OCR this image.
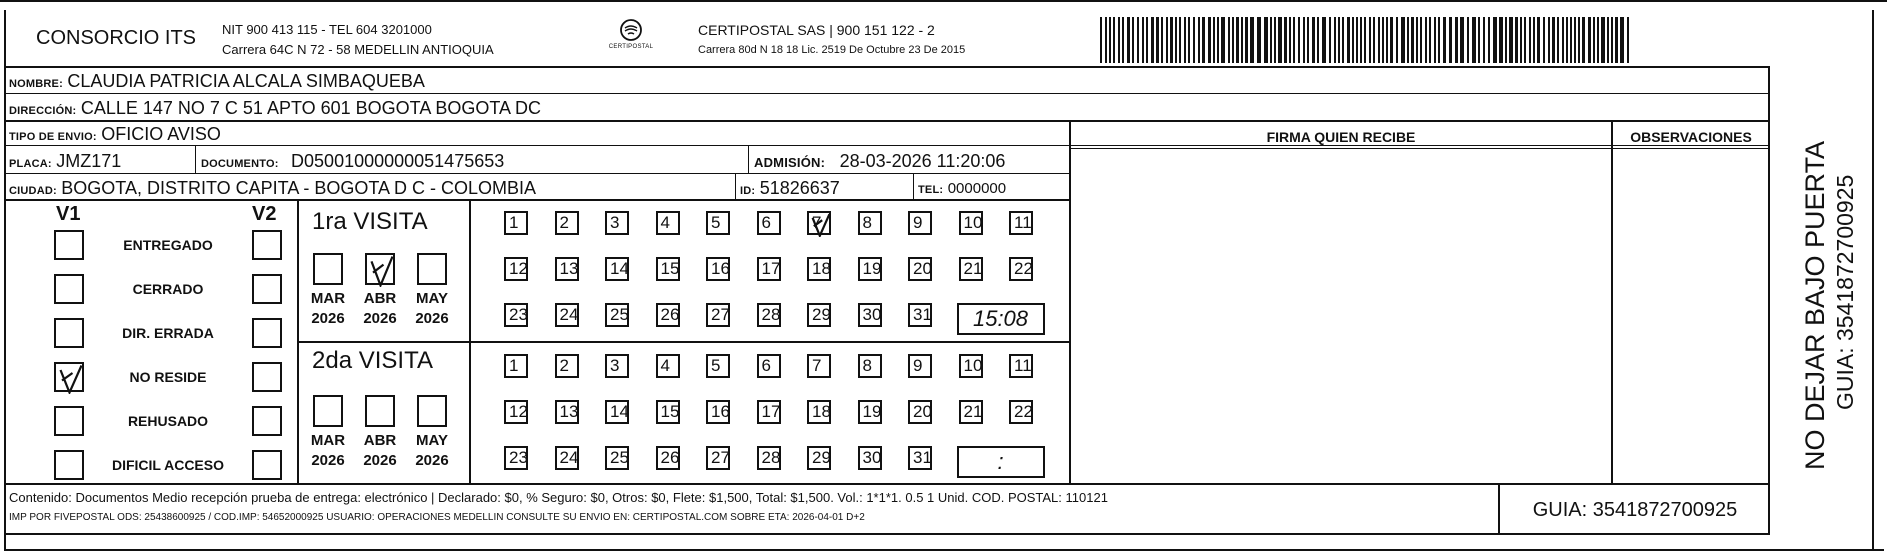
CONSORCIO ITS NIT 900 413 115 - TEL 604 3201000
Carrera 64C N 72 - 58 MEDELLIN ANTIOQUIA	CERTIPOSTAL
CERTIPOSTAL SAS | 900 151 122 - 2
Carrera 80d N 18 18 Lic. 2519 De Octubre 23 De 2015
NOMBRE: CLAUDIA PATRICIA ALCALA SIMBAQUEBA
DIRECCIÓN: CALLE 147 NO 7 C 51 APTO 601 BOGOTA BOGOTA DC
TIPO DE ENVIO: OFICIO AVISO
PLACA: JMZ171	DOCUMENTO: D05001000000051475653	ADMISIÓN: 28-03-2026 11:20:06
CIUDAD: BOGOTA, DISTRITO CAPITA - BOGOTA D C - COLOMBIA	ID: 51826637	TEL: 0000000
FIRMA QUIEN RECIBE	OBSERVACIONES
V1	V2
ENTREGADO
CERRADO
DIR. ERRADA
NO RESIDE
REHUSADO
DIFICIL ACCESO
1ra VISITA
MAR
2026
ABR
2026
MAY
2026
1 2 3 4 5 6 7 8 9 10 11
12 13 14 15 16 17 18 19 20 21 22
23 24 25 26 27 28 29 30 31 15:08
2da VISITA
MAR
2026
ABR
2026
MAY
2026
1 2 3 4 5 6 7 8 9 10 11
12 13 14 15 16 17 18 19 20 21 22
23 24 25 26 27 28 29 30 31	:
Contenido: Documentos Medio recepción prueba de entrega: electrónico | Declarado: $0, % Seguro: $0, Otros: $0, Flete: $1,500, Total: $1,500. Vol.: 1*1*1. 0.5 1 Unid. COD. POSTAL: 110121
IMP POR FIVEPOSTAL ODS: 25438600925 / COD.IMP: 54652000925 USUARIO: OPERACIONES MEDELLIN CONSULTE SU ENVIO EN: CERTIPOSTAL.COM SOBRE ETA: 2026-04-01 D+2	GUIA: 3541872700925
NO DEJAR BAJO PUERTA GUIA: 3541872700925
